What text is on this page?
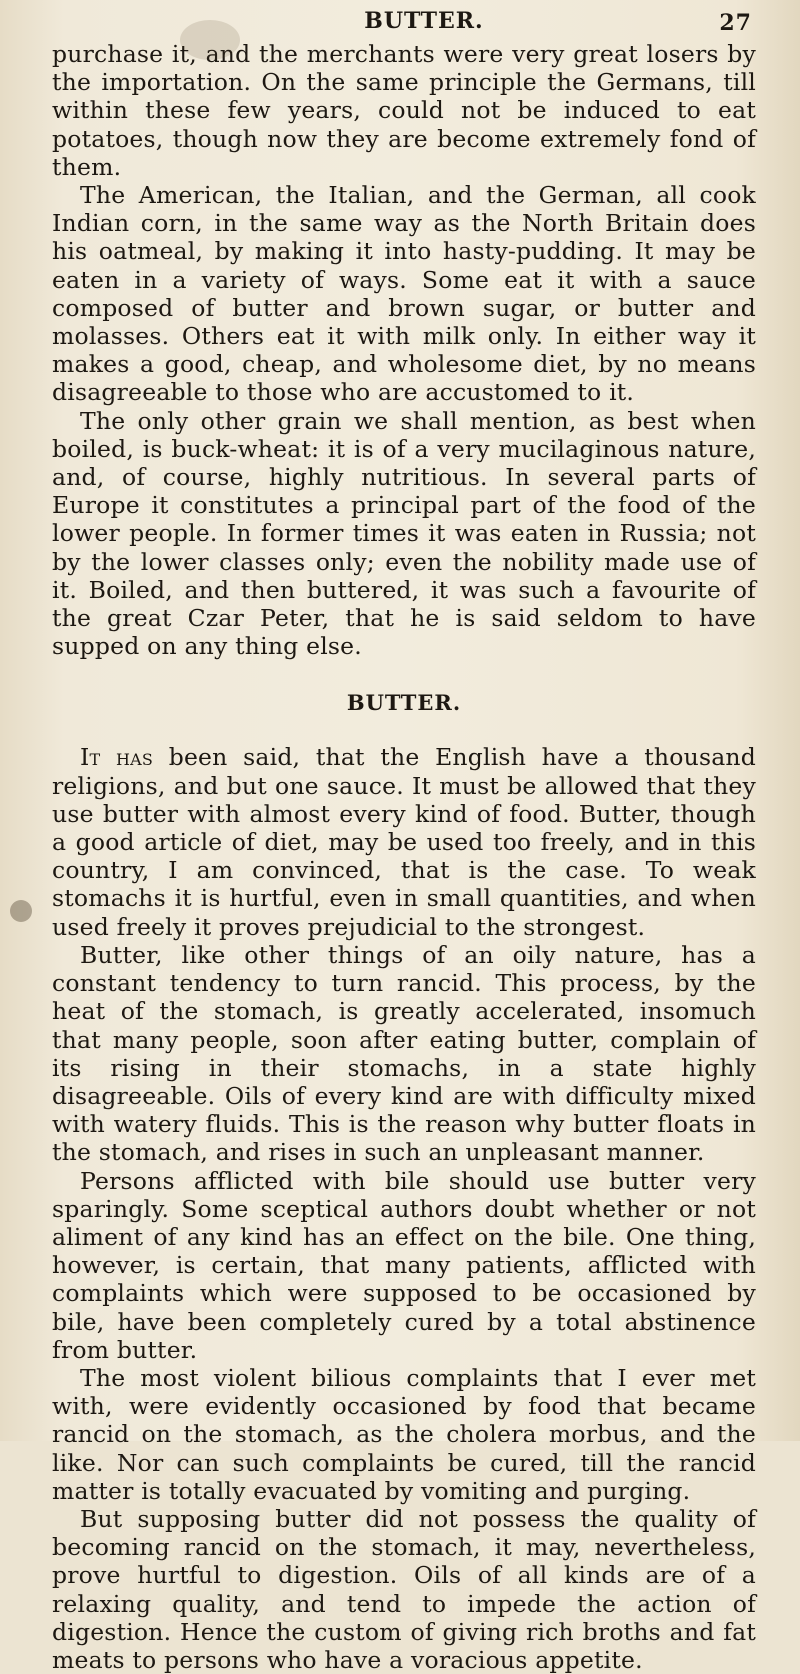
BUTTER.	27

purchase it, and the merchants were very great losers by the importation. On the same principle the Germans, till within these few years, could not be induced to eat potatoes, though now they are become extremely fond of them.

The American, the Italian, and the German, all cook Indian corn, in the same way as the North Britain does his oatmeal, by making it into hasty-pudding. It may be eaten in a variety of ways. Some eat it with a sauce composed of butter and brown sugar, or butter and molasses. Others eat it with milk only. In either way it makes a good, cheap, and wholesome diet, by no means disagreeable to those who are accustomed to it.

The only other grain we shall mention, as best when boiled, is buck-wheat: it is of a very mucilaginous nature, and, of course, highly nutritious. In several parts of Europe it constitutes a principal part of the food of the lower people. In former times it was eaten in Russia; not by the lower classes only; even the nobility made use of it. Boiled, and then buttered, it was such a favourite of the great Czar Peter, that he is said seldom to have supped on any thing else.

BUTTER.

It has been said, that the English have a thousand religions, and but one sauce. It must be allowed that they use butter with almost every kind of food. Butter, though a good article of diet, may be used too freely, and in this country, I am convinced, that is the case. To weak stomachs it is hurtful, even in small quantities, and when used freely it proves prejudicial to the strongest.

Butter, like other things of an oily nature, has a constant tendency to turn rancid. This process, by the heat of the stomach, is greatly accelerated, insomuch that many people, soon after eating butter, complain of its rising in their stomachs, in a state highly disagreeable. Oils of every kind are with difficulty mixed with watery fluids. This is the reason why butter floats in the stomach, and rises in such an unpleasant manner.

Persons afflicted with bile should use butter very sparingly. Some sceptical authors doubt whether or not aliment of any kind has an effect on the bile. One thing, however, is certain, that many patients, afflicted with complaints which were supposed to be occasioned by bile, have been completely cured by a total abstinence from butter.

The most violent bilious complaints that I ever met with, were evidently occasioned by food that became rancid on the stomach, as the cholera morbus, and the like. Nor can such complaints be cured, till the rancid matter is totally evacuated by vomiting and purging.

But supposing butter did not possess the quality of becoming rancid on the stomach, it may, nevertheless, prove hurtful to digestion. Oils of all kinds are of a relaxing quality, and tend to impede the action of digestion. Hence the custom of giving rich broths and fat meats to persons who have a voracious appetite.
